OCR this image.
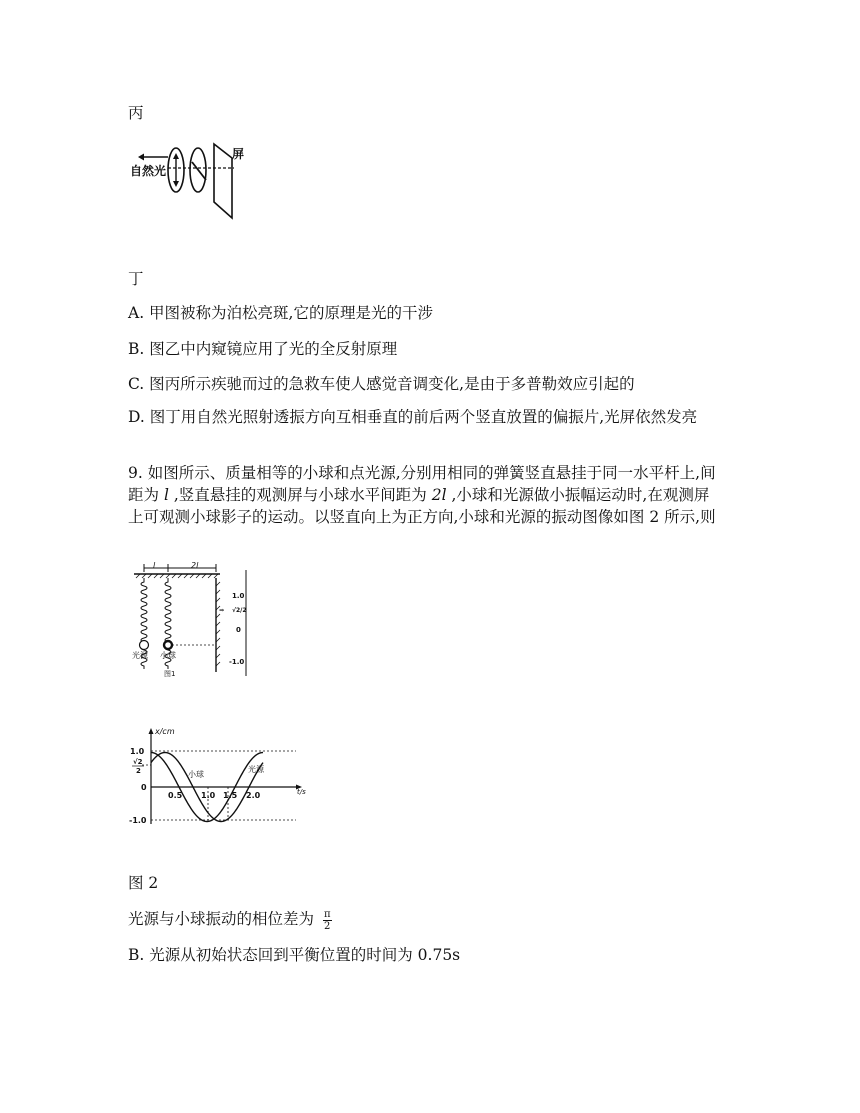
丙
自然光
屏
丁
A. 甲图被称为泊松亮斑,它的原理是光的干涉
B. 图乙中内窥镜应用了光的全反射原理
C. 图丙所示疾驰而过的急救车使人感觉音调变化,是由于多普勒效应引起的
D. 图丁用自然光照射透振方向互相垂直的前后两个竖直放置的偏振片,光屏依然发亮
9. 如图所示、质量相等的小球和点光源,分别用相同的弹簧竖直悬挂于同一水平杆上,间距为 l ,竖直悬挂的观测屏与小球水平间距为 2l ,小球和光源做小振幅运动时,在观测屏上可观测小球影子的运动。以竖直向上为正方向,小球和光源的振动图像如图 2 所示,则
l	2l
光源 小球
⇛
1.0
√2/2
0
-1.0
图1
x/cm
t/s
1.0
√2
2
0
-1.0
0.5 1.0 1.5 2.0
小球
光源
图 2
光源与小球振动的相位差为 $\frac{\pi}{2}$
B. 光源从初始状态回到平衡位置的时间为 0.75s
